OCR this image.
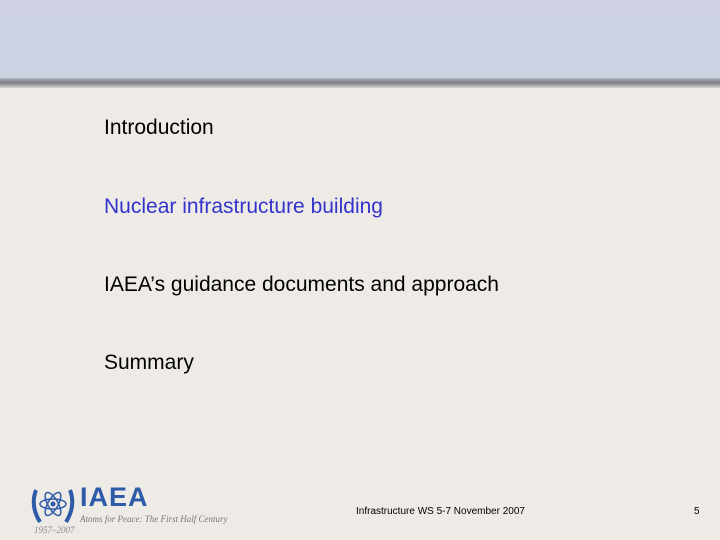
Introduction
Nuclear infrastructure building
IAEA’s guidance documents and approach
Summary
IAEA
Atoms for Peace: The First Half Century
1957–2007
Infrastructure WS 5-7 November 2007	5
